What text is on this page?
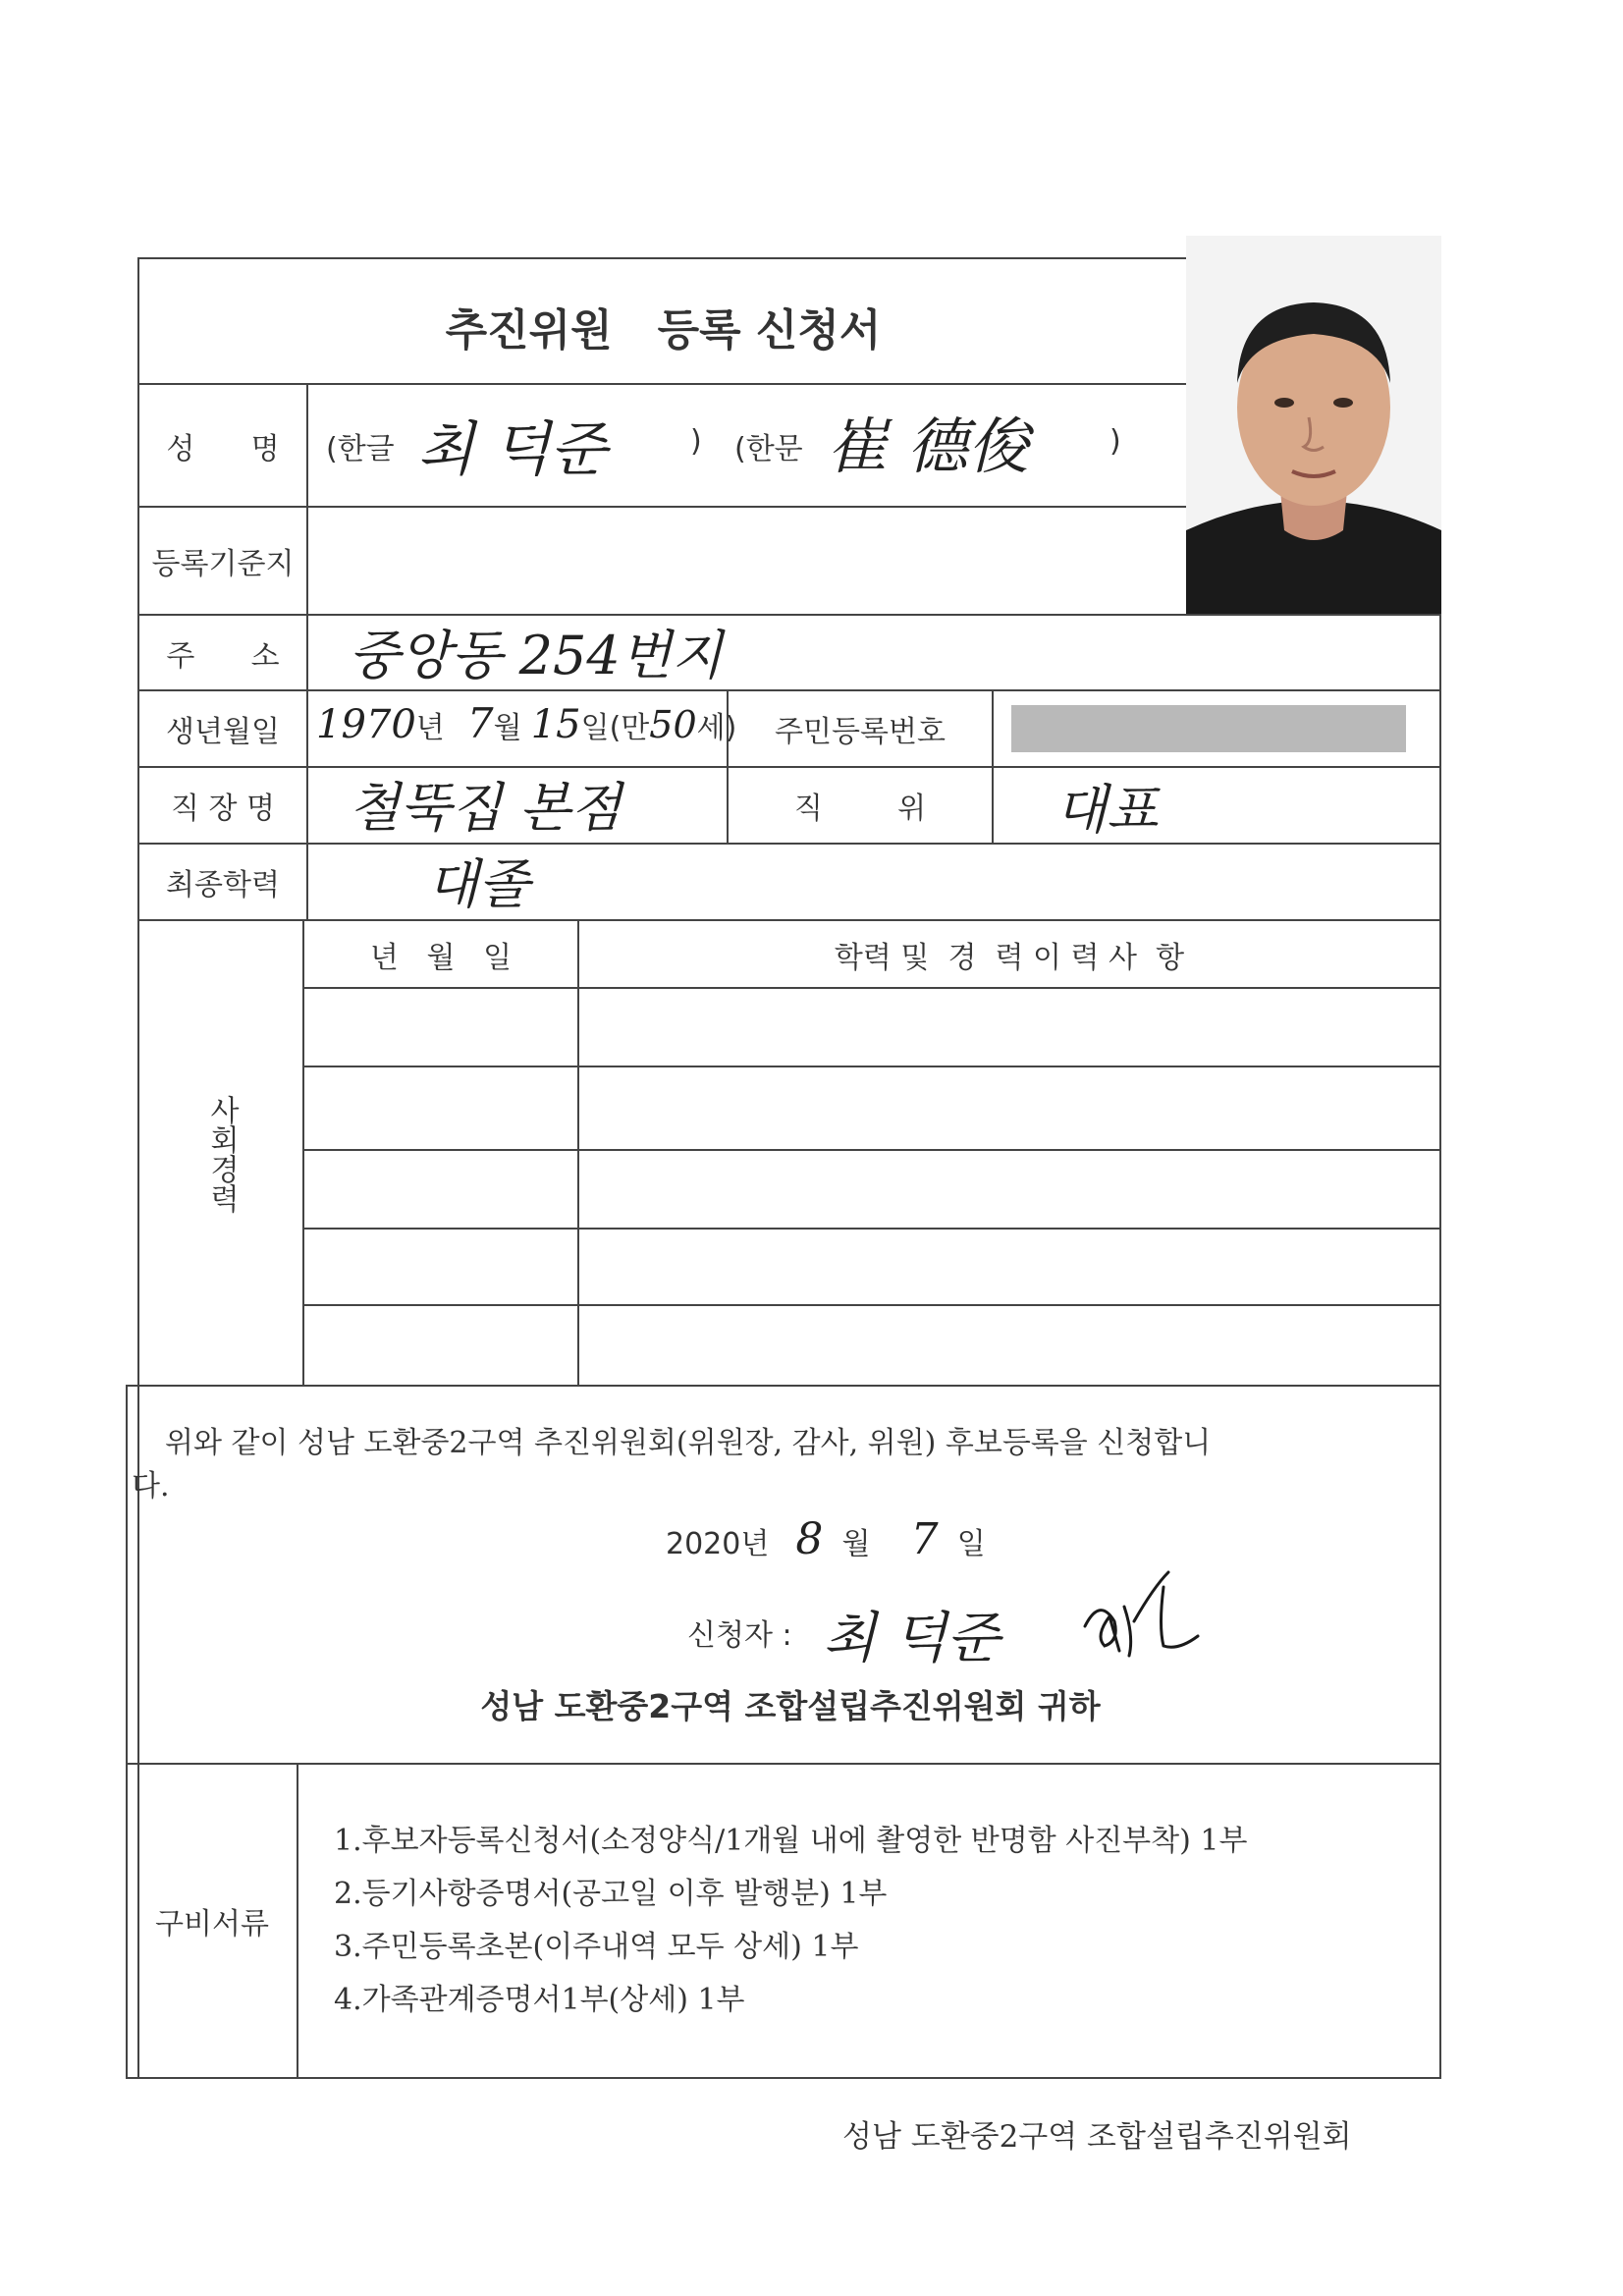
추진위원   등록 신청서
성      명	(한글 최 덕준	) (한문 崔 德俊	)
등록기준지
주      소	중앙동 254번지
생년월일 1970년 7월 15일(만50세)	주민등록번호
직 장 명	철뚝집 본점	직        위	대표
최종학력	대졸
사회경력
년   월   일	학력 및  경  력 이 력 사  항
위와 같이 성남 도환중2구역 추진위원회(위원장, 감사, 위원) 후보등록을 신청합니
다.
2020년 8 월 7 일
신청자 : 최 덕준
성남 도환중2구역 조합설립추진위원회 귀하
구비서류
1.후보자등록신청서(소정양식/1개월 내에 촬영한 반명함 사진부착) 1부
2.등기사항증명서(공고일 이후 발행분) 1부
3.주민등록초본(이주내역 모두 상세) 1부
4.가족관계증명서1부(상세) 1부
성남 도환중2구역 조합설립추진위원회
